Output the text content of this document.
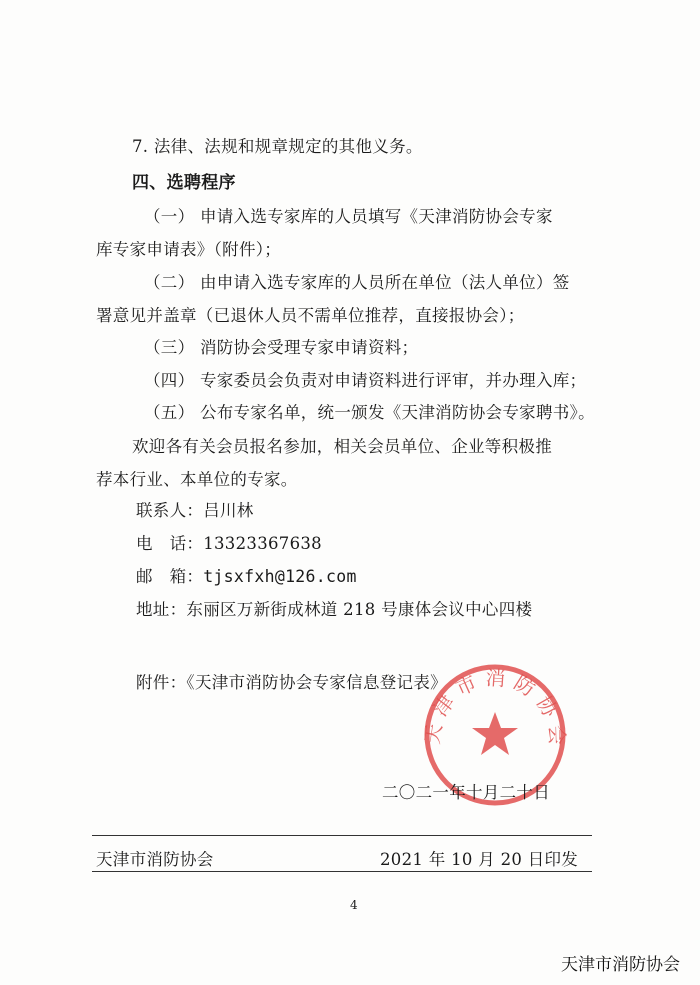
7. 法律、法规和规章规定的其他义务。
四、选聘程序
（一） 申请入选专家库的人员填写《天津消防协会专家
库专家申请表》（附件）；
（二） 由申请入选专家库的人员所在单位（法人单位）签
署意见并盖章（已退休人员不需单位推荐，直接报协会）；
（三） 消防协会受理专家申请资料；
（四） 专家委员会负责对申请资料进行评审，并办理入库；
（五） 公布专家名单，统一颁发《天津消防协会专家聘书》。
欢迎各有关会员报名参加，相关会员单位、企业等积极推
荐本行业、本单位的专家。
联系人：吕川林
电　话：13323367638
邮　箱：tjsxfxh@126.com
地址：东丽区万新街成林道 218 号康体会议中心四楼
附件：《天津市消防协会专家信息登记表》
天津市消防协会
二〇二一年十月二十日
天津市消防协会	2021 年 10 月 20 日印发
4
天津市消防协会
